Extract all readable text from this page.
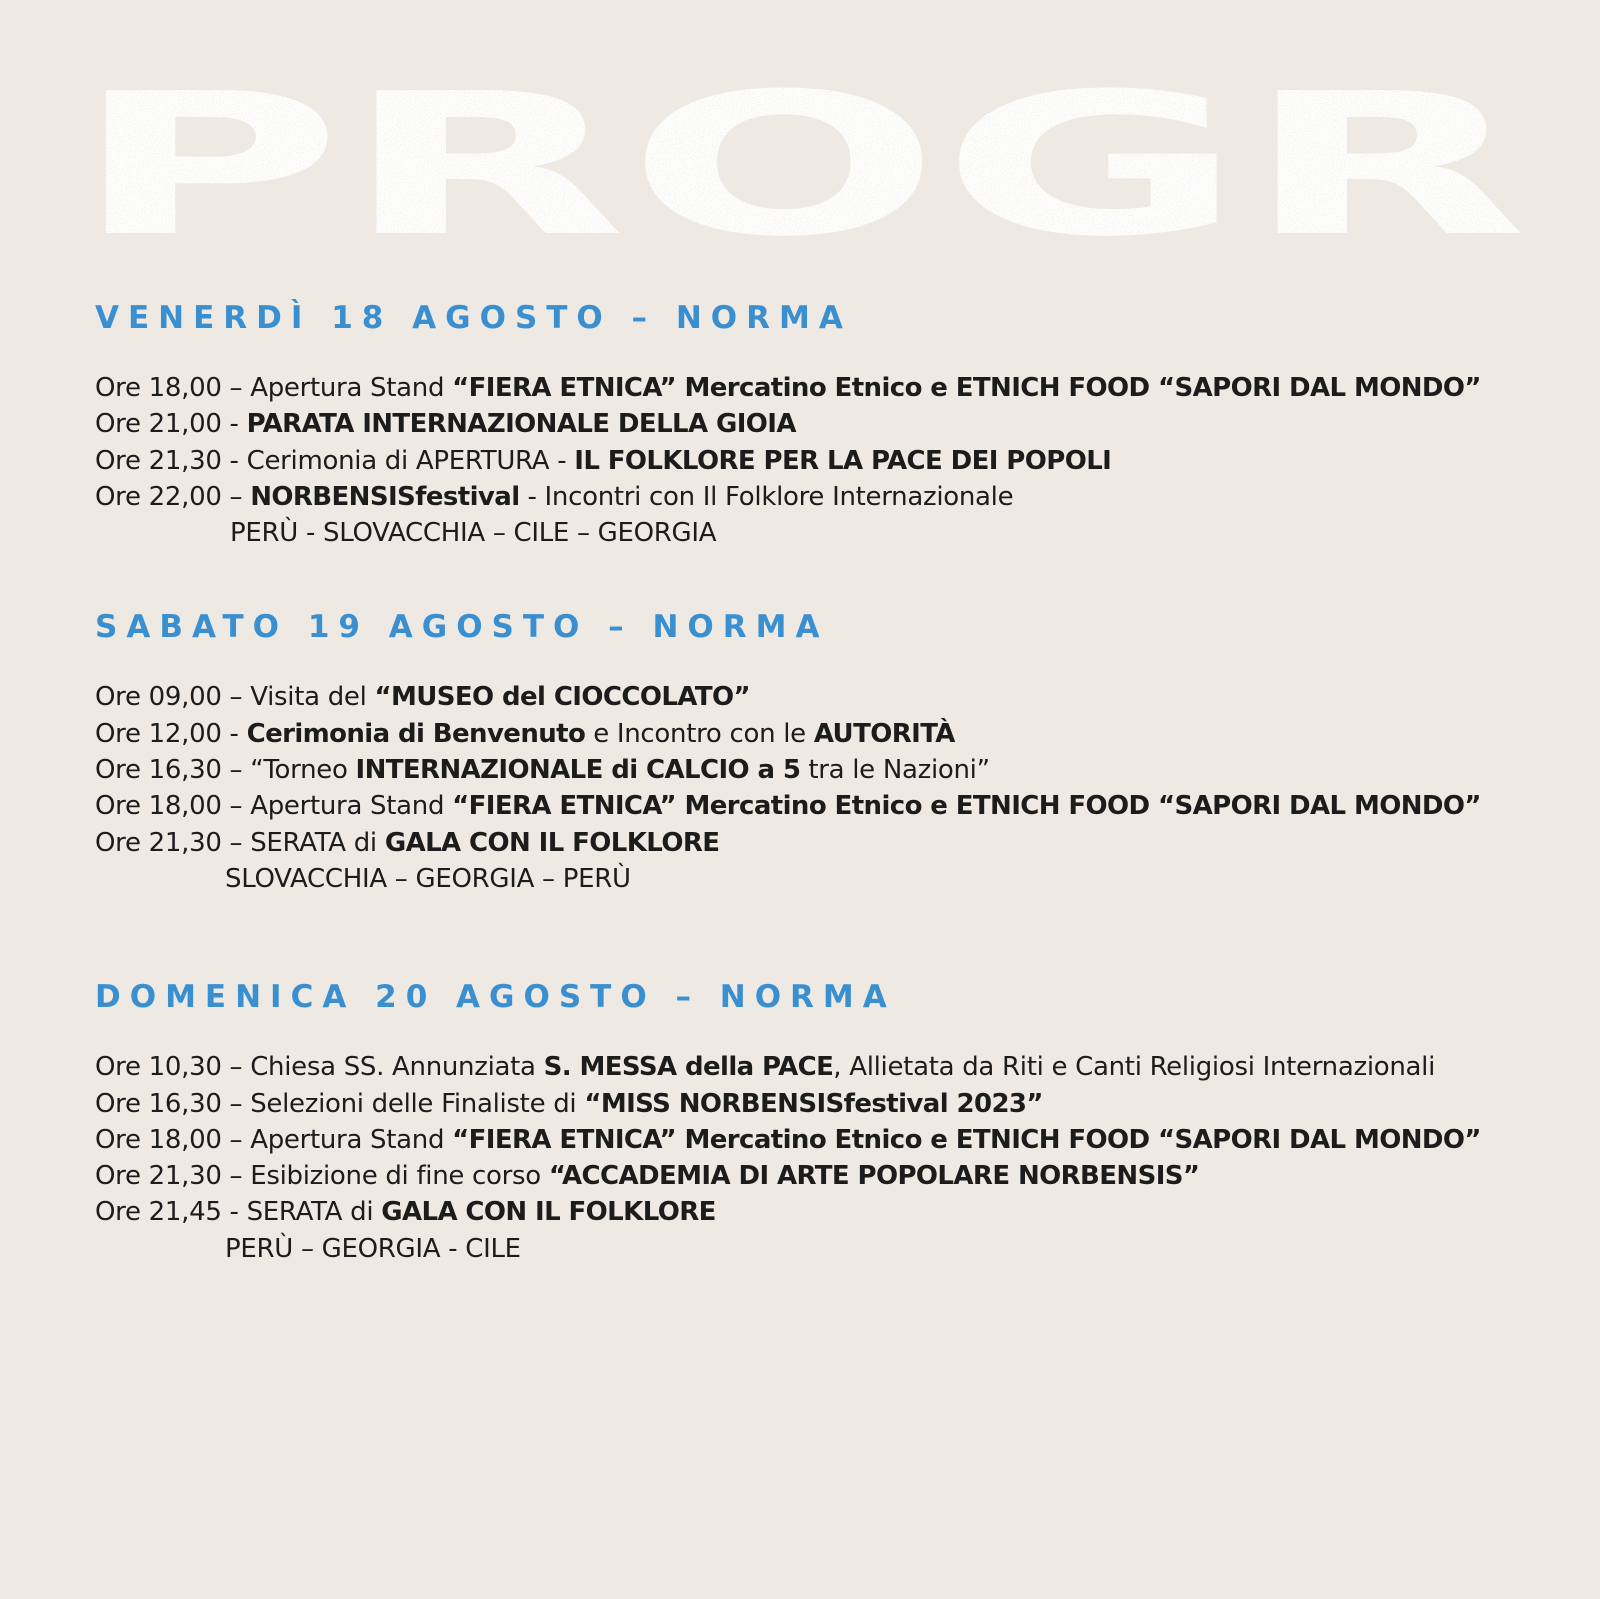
PROGR
VENERDÌ 18 AGOSTO – NORMA
Ore 18,00 – Apertura Stand “FIERA ETNICA” Mercatino Etnico e ETNICH FOOD “SAPORI DAL MONDO”
Ore 21,00 - PARATA INTERNAZIONALE DELLA GIOIA
Ore 21,30 - Cerimonia di APERTURA - IL FOLKLORE PER LA PACE DEI POPOLI
Ore 22,00 – NORBENSISfestival - Incontri con Il Folklore Internazionale
PERÙ - SLOVACCHIA – CILE – GEORGIA
SABATO 19 AGOSTO – NORMA
Ore 09,00 – Visita del “MUSEO del CIOCCOLATO”
Ore 12,00 - Cerimonia di Benvenuto e Incontro con le AUTORITÀ
Ore 16,30 – “Torneo INTERNAZIONALE di CALCIO a 5 tra le Nazioni”
Ore 18,00 – Apertura Stand “FIERA ETNICA” Mercatino Etnico e ETNICH FOOD “SAPORI DAL MONDO”
Ore 21,30 – SERATA di GALA CON IL FOLKLORE
SLOVACCHIA – GEORGIA – PERÙ
DOMENICA 20 AGOSTO – NORMA
Ore 10,30 – Chiesa SS. Annunziata S. MESSA della PACE, Allietata da Riti e Canti Religiosi Internazionali
Ore 16,30 – Selezioni delle Finaliste di “MISS NORBENSISfestival 2023”
Ore 18,00 – Apertura Stand “FIERA ETNICA” Mercatino Etnico e ETNICH FOOD “SAPORI DAL MONDO”
Ore 21,30 – Esibizione di fine corso “ACCADEMIA DI ARTE POPOLARE NORBENSIS”
Ore 21,45 - SERATA di GALA CON IL FOLKLORE
PERÙ – GEORGIA - CILE
